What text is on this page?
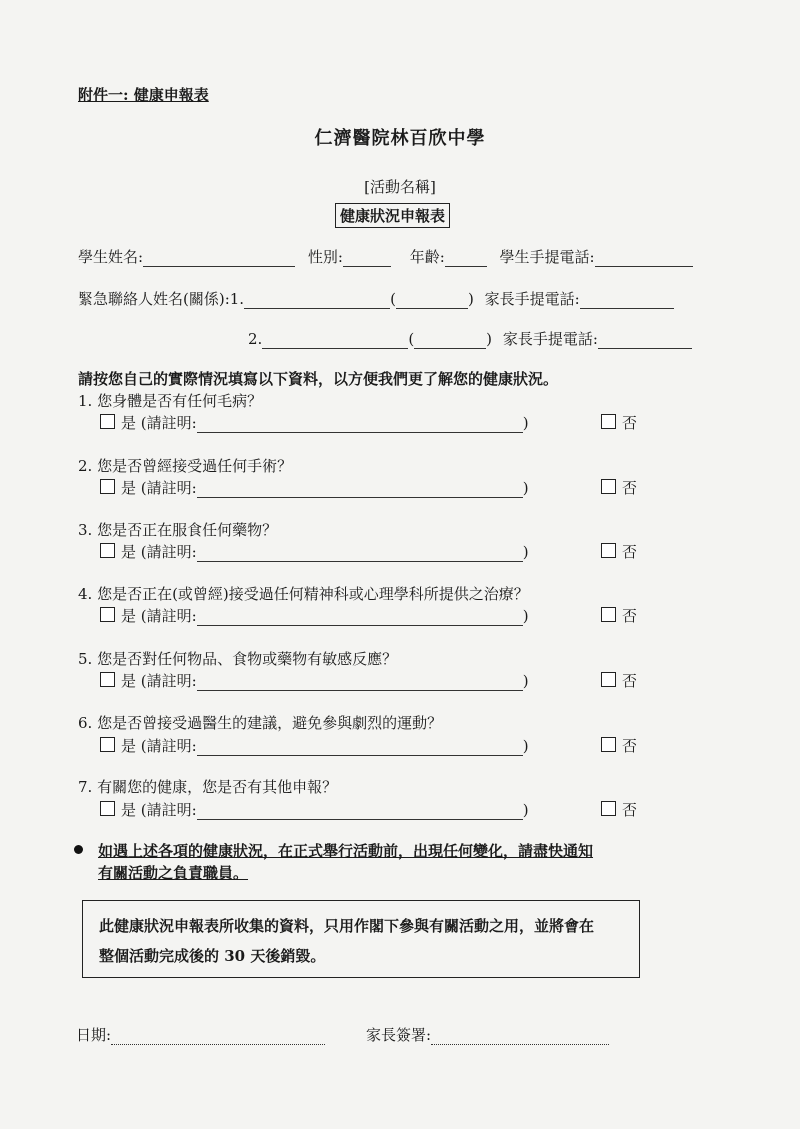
附件一: 健康申報表
仁濟醫院林百欣中學
[活動名稱]
健康狀況申報表
學生姓名:	性別:	年齡:	學生手提電話:
緊急聯絡人姓名(關係):1.	(	) 家長手提電話:
2.	(	) 家長手提電話:
請按您自己的實際情況填寫以下資料，以方便我們更了解您的健康狀況。
1. 您身體是否有任何毛病？
是 (請註明:	)	否
2. 您是否曾經接受過任何手術？
是 (請註明:	)	否
3. 您是否正在服食任何藥物？
是 (請註明:	)	否
4. 您是否正在(或曾經)接受過任何精神科或心理學科所提供之治療？
是 (請註明:	)	否
5. 您是否對任何物品、食物或藥物有敏感反應？
是 (請註明:	)	否
6. 您是否曾接受過醫生的建議，避免參與劇烈的運動？
是 (請註明:	)	否
7. 有關您的健康，您是否有其他申報？
是 (請註明:	)	否
如遇上述各項的健康狀況，在正式舉行活動前，出現任何變化，請盡快通知
有關活動之負責職員。

此健康狀況申報表所收集的資料，只用作閣下參與有關活動之用，並將會在

整個活動完成後的 30 天後銷毀。

日期:	家長簽署:
